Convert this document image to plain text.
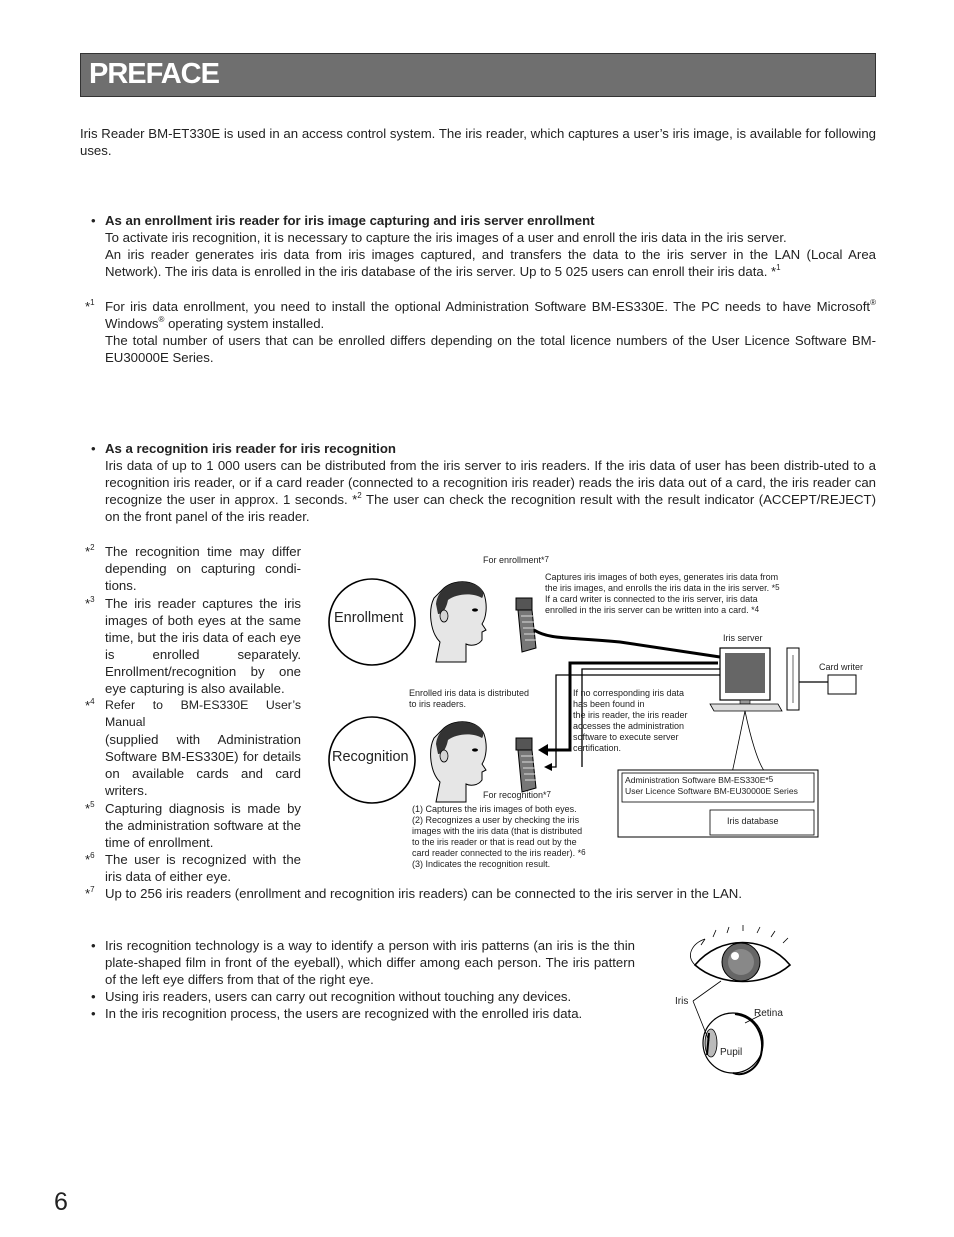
PREFACE
Iris Reader BM-ET330E is used in an access control system. The iris reader, which captures a user’s iris image, is available for following uses.
• As an enrollment iris reader for iris image capturing and iris server enrollment
To activate iris recognition, it is necessary to capture the iris images of a user and enroll the iris data in the iris server.
An iris reader generates iris data from iris images captured, and transfers the data to the iris server in the LAN (Local Area Network). The iris data is enrolled in the iris database of the iris server. Up to 5 025 users can enroll their iris data. *$^1$
*$^1$ For iris data enrollment, you need to install the optional Administration Software BM-ES330E. The PC needs to have Microsoft® Windows® operating system installed.
The total number of users that can be enrolled differs depending on the total licence numbers of the User Licence Software BM-EU30000E Series.
• As a recognition iris reader for iris recognition
Iris data of up to 1 000 users can be distributed from the iris server to iris readers. If the iris data of user has been distrib-uted to a recognition iris reader, or if a card reader (connected to a recognition iris reader) reads the iris data out of a card, the iris reader can recognize the user in approx. 1 seconds. *$^2$ The user can check the recognition result with the result indicator (ACCEPT/REJECT) on the front panel of the iris reader.
*$^2$ The recognition time may differ depending on capturing condi-tions.
*$^3$ The iris reader captures the iris images of both eyes at the same time, but the iris data of each eye is enrolled separately. Enrollment/recognition by one eye capturing is also available.
*$^4$ Refer to BM-ES330E User’s Manual
(supplied with Administration Software BM-ES330E) for details on available cards and card writers.
*$^5$ Capturing diagnosis is made by the administration software at the time of enrollment.
*$^6$ The user is recognized with the iris data of either eye.
*$^7$ Up to 256 iris readers (enrollment and recognition iris readers) can be connected to the iris server in the LAN.
Enrollment
Recognition
For enrollment*$^7$
Captures iris images of both eyes, generates iris data from
the iris images, and enrolls the iris data in the iris server. *$^5$
If a card writer is connected to the iris server, iris data
enrolled in the iris server can be written into a card. *$^4$
Iris server
Card writer
Enrolled iris data is distributed
to iris readers.
If no corresponding iris data
has been found in
the iris reader, the iris reader
accesses the administration
software to execute server
certification.
Administration Software BM-ES330E*$^5$
User Licence Software BM-EU30000E Series
Iris database
For recognition*$^7$
(1) Captures the iris images of both eyes.
(2) Recognizes a user by checking the iris
images with the iris data (that is distributed
to the iris reader or that is read out by the
card reader connected to the iris reader). *$^6$
(3) Indicates the recognition result.
• Iris recognition technology is a way to identify a person with iris patterns (an iris is the thin plate-shaped film in front of the eyeball), which differ among each person. The iris pattern of the left eye differs from that of the right eye.
• Using iris readers, users can carry out recognition without touching any devices.
• In the iris recognition process, the users are recognized with the enrolled iris data.
Iris
Retina
Pupil
6
